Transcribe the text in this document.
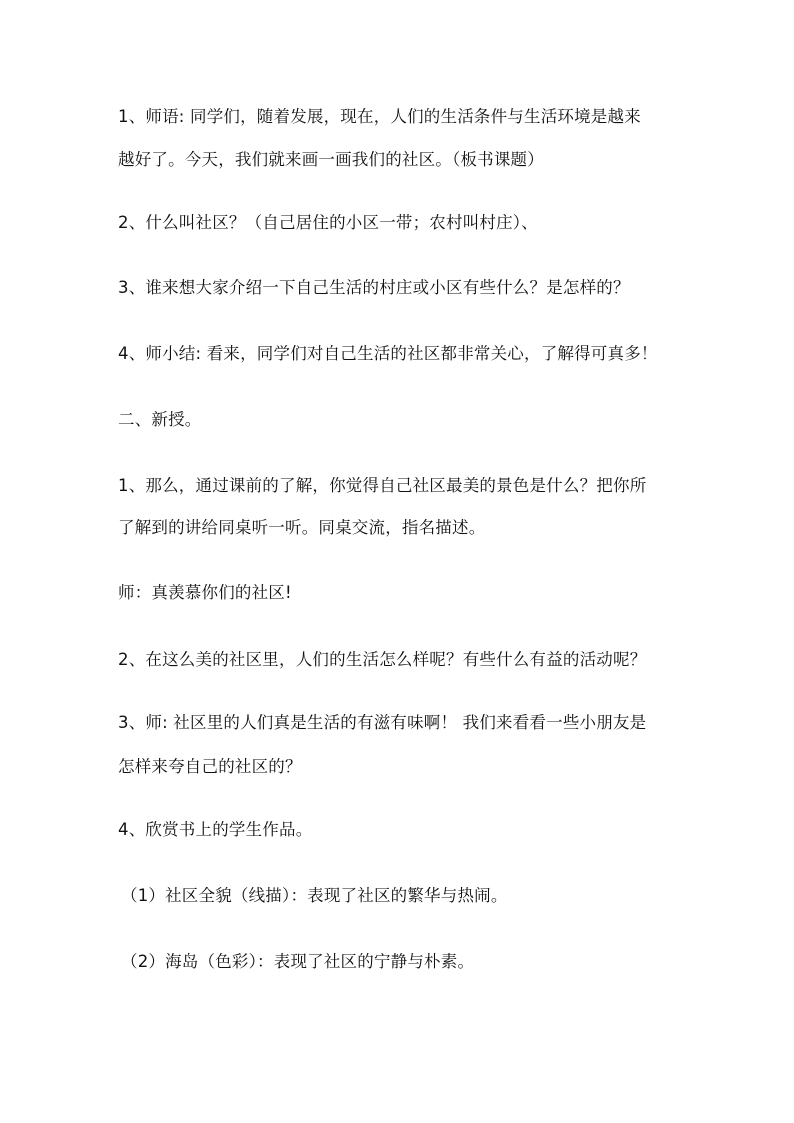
1、师语: 同学们，随着发展，现在，人们的生活条件与生活环境是越来
越好了。今天，我们就来画一画我们的社区。（板书课题）
2、什么叫社区？（自己居住的小区一带；农村叫村庄）、
3、谁来想大家介绍一下自己生活的村庄或小区有些什么？是怎样的？
4、师小结: 看来，同学们对自己生活的社区都非常关心，了解得可真多！
二、新授。
1、那么，通过课前的了解，你觉得自己社区最美的景色是什么？把你所
了解到的讲给同桌听一听。同桌交流，指名描述。
师：真羡慕你们的社区!
2、在这么美的社区里，人们的生活怎么样呢？有些什么有益的活动呢？
3、师: 社区里的人们真是生活的有滋有味啊！ 我们来看看一些小朋友是
怎样来夸自己的社区的？
4、欣赏书上的学生作品。
（1）社区全貌（线描）：表现了社区的繁华与热闹。
（2）海岛（色彩）：表现了社区的宁静与朴素。
